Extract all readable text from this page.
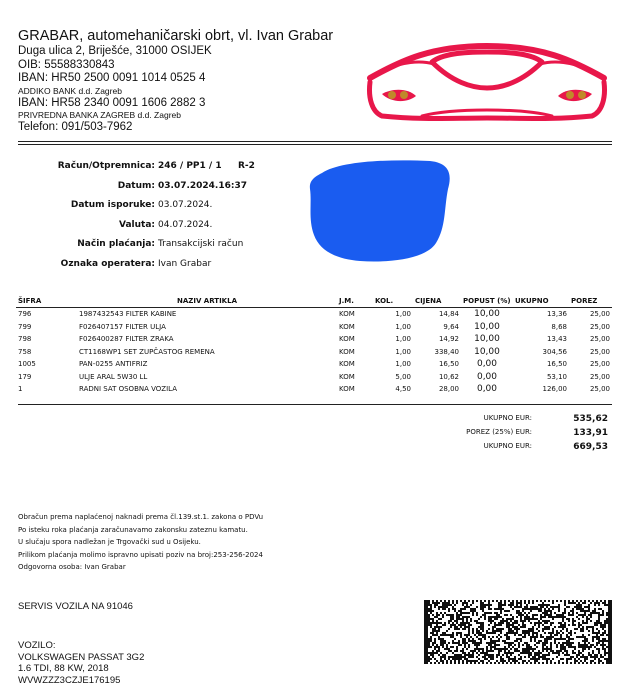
GRABAR, automehaničarski obrt, vl. Ivan Grabar
Duga ulica 2, Briješće, 31000 OSIJEK
OIB: 55588330843
IBAN: HR50 2500 0091 1014 0525 4
ADDIKO BANK d.d. Zagreb
IBAN: HR58 2340 0091 1606 2882 3
PRIVREDNA BANKA ZAGREB d.d. Zagreb
Telefon: 091/503-7962
Račun/Otpremnica: 246 / PP1 / 1 R-2
Datum: 03.07.2024.16:37
Datum isporuke: 03.07.2024.
Valuta: 04.07.2024.
Način plaćanja: Transakcijski račun
Oznaka operatera: Ivan Grabar
ŠIFRA	NAZIV ARTIKLA	J.M.	KOL.	CIJENA	POPUST (%)	UKUPNO	POREZ
796	1987432543 FILTER KABINE	KOM	1,00	14,84	10,00	13,36	25,00
799	F026407157 FILTER ULJA	KOM	1,00	9,64	10,00	8,68	25,00
798	F026400287 FILTER ZRAKA	KOM	1,00	14,92	10,00	13,43	25,00
758	CT1168WP1 SET ZUPČASTOG REMENA	KOM	1,00	338,40	10,00	304,56	25,00
1005	PAN-0255 ANTIFRIZ	KOM	1,00	16,50	0,00	16,50	25,00
179	ULJE ARAL 5W30 LL	KOM	5,00	10,62	0,00	53,10	25,00
1	RADNI SAT OSOBNA VOZILA	KOM	4,50	28,00	0,00	126,00	25,00
UKUPNO EUR:	535,62
POREZ (25%) EUR:	133,91
UKUPNO EUR:	669,53
Obračun prema naplaćenoj naknadi prema čl.139.st.1. zakona o PDVu
Po isteku roka plaćanja zaračunavamo zakonsku zateznu kamatu.
U slučaju spora nadležan je Trgovački sud u Osijeku.
Prilikom plaćanja molimo ispravno upisati poziv na broj:253-256-2024
Odgovorna osoba: Ivan Grabar
SERVIS VOZILA NA 91046
VOZILO:
VOLKSWAGEN PASSAT 3G2
1.6 TDI, 88 KW, 2018
WVWZZZ3CZJE176195
